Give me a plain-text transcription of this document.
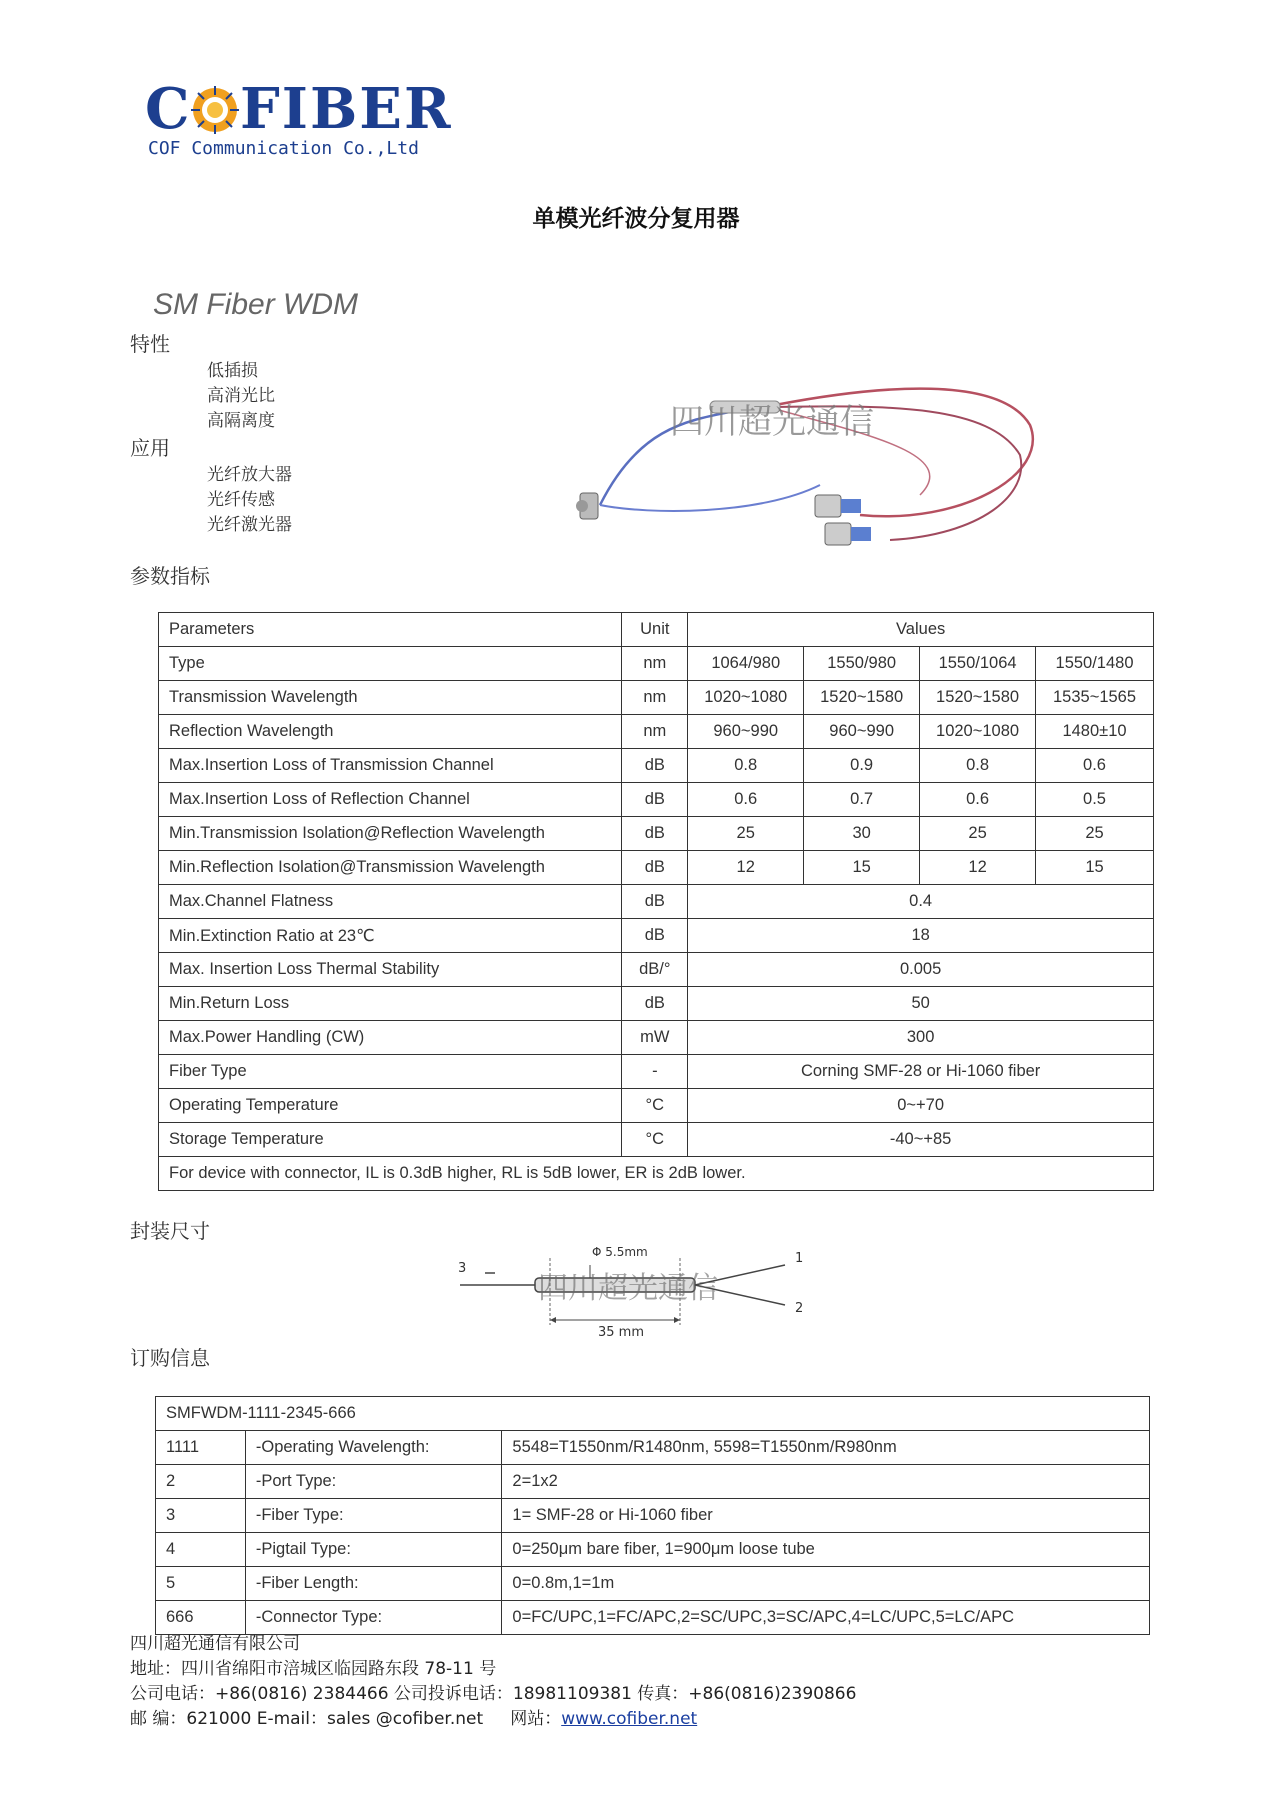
C FIBER
COF Communication Co.,Ltd
单模光纤波分复用器
SM Fiber WDM
特性
低插损
高消光比
高隔离度
应用
光纤放大器
光纤传感
光纤激光器
四川超光通信
参数指标
Parameters	Unit	Values			
Type	nm	1064/980	1550/980	1550/1064	1550/1480
Transmission Wavelength	nm	1020~1080	1520~1580	1520~1580	1535~1565
Reflection Wavelength	nm	960~990	960~990	1020~1080	1480±10
Max.Insertion Loss of Transmission Channel	dB	0.8	0.9	0.8	0.6
Max.Insertion Loss of Reflection Channel	dB	0.6	0.7	0.6	0.5
Min.Transmission Isolation@Reflection Wavelength	dB	25	30	25	25
Min.Reflection Isolation@Transmission Wavelength	dB	12	15	12	15
Max.Channel Flatness	dB	0.4			
Min.Extinction Ratio at 23℃	dB	18			
Max. Insertion Loss Thermal Stability	dB/°	0.005			
Min.Return Loss	dB	50			
Max.Power Handling (CW)	mW	300			
Fiber Type	-	Corning SMF-28 or Hi-1060 fiber			
Operating Temperature	°C	0~+70			
Storage Temperature	°C	-40~+85			
For device with connector, IL is 0.3dB higher, RL is 5dB lower, ER is 2dB lower.					
封装尺寸
Φ 5.5mm
35 mm
3
1
2
四川超光通信
订购信息
SMFWDM-1111-2345-666		
1111	-Operating Wavelength:	5548=T1550nm/R1480nm, 5598=T1550nm/R980nm
2	-Port Type:	2=1x2
3	-Fiber Type:	1= SMF-28 or Hi-1060 fiber
4	-Pigtail Type:	0=250μm bare fiber, 1=900μm loose tube
5	-Fiber Length:	0=0.8m,1=1m
666	-Connector Type:	0=FC/UPC,1=FC/APC,2=SC/UPC,3=SC/APC,4=LC/UPC,5=LC/APC
四川超光通信有限公司
地址：四川省绵阳市涪城区临园路东段 78-11 号
公司电话：+86(0816) 2384466 公司投诉电话：18981109381 传真：+86(0816)2390866
邮 编：621000 E-mail：sales @cofiber.net 网站：www.cofiber.net
